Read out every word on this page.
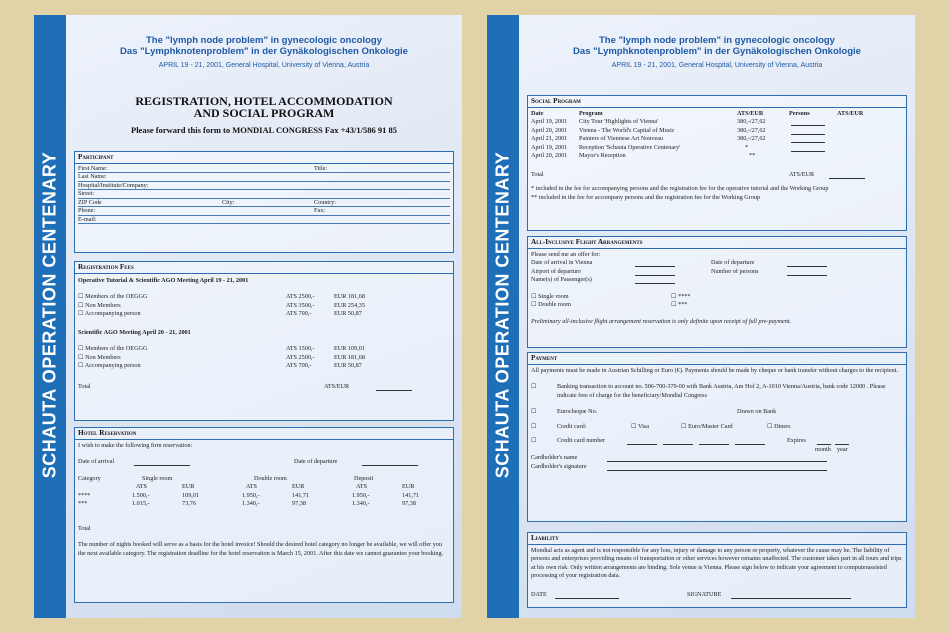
SCHAUTA OPERATION CENTENARY
The "lymph node problem" in gynecologic oncology
Das "Lymphknotenproblem" in der Gynäkologischen Onkologie
APRIL 19 - 21, 2001, General Hospital, University of Vienna, Austria
REGISTRATION, HOTEL ACCOMMODATION
AND SOCIAL PROGRAM
Please forward this form to MONDIAL CONGRESS Fax +43/1/586 91 85
Participant
First Name:	Title:
Last Name:
Hospital/Institute/Company:
Street:
ZIP Code	City:	Country:
Phone:	Fax:
E-mail:
Registration Fees
Operative Tutorial & Scientific AGO Meeting April 19 - 21, 2001
☐ Members of the OEGGG	ATS 2500,-	EUR 181,68
☐ Non Members	ATS 3500,-	EUR 254,35
☐ Accompanying person	ATS 700,-	EUR 50,87
Scientific AGO Meeting April 20 - 21, 2001
☐ Members of the OEGGG	ATS 1500,-	EUR 109,01
☐ Non Members	ATS 2500,-	EUR 181,68
☐ Accompanying person	ATS 700,-	EUR 50,87
Total	ATS/EUR
Hotel Reservation
I wish to make the following firm reservation:
Date of arrival	Date of departure
Category	Single room	Double room	Deposit
ATS	EUR	ATS	EUR	ATS	EUR
****	1.500,-	109,01	1.950,-	141,71	1.950,-	141,71
***	1.015,-	73,76	1.340,-	97,38	1.340,-	97,38
Total

The number of nights booked will serve as a basis for the hotel invoice! Should the desired hotel category no longer be available, we will offer you the next available category. The registration deadline for the hotel reservation is March 15, 2001. After this date we cannot guarantee your booking.

SCHAUTA OPERATION CENTENARY
The "lymph node problem" in gynecologic oncology
Das "Lymphknotenproblem" in der Gynäkologischen Onkologie
APRIL 19 - 21, 2001, General Hospital, University of Vienna, Austria
Social Program
Date	Program	ATS/EUR	Persons	ATS/EUR
April 19, 2001 City Tour 'Highlights of Vienna'	380,-/27,62
April 20, 2001 Vienna - The World's Capital of Music	380,-/27,62
April 21, 2001 Painters of Viennese Art Nouveau	380,-/27,62
April 19, 2001 Reception 'Schauta Operative Centenary'	*
April 20, 2001 Mayor's Reception	**
Total	ATS/EUR

* included in the fee for accompanying persons and the registration fee for the operative tutorial and the Working Group

** included in the fee for accompany persons and the registration fee for the Working Group

All-Inclusive Flight Arrangements
Please send me an offer for:
Date of arrival in Vienna	Date of departure
Airport of departure	Number of persons
Name(s) of Passenger(s)
☐ Single room	☐ ****
☐ Double room	☐ ***
Preliminary all-inclusive flight arrangement reservation is only definite upon receipt of full pre-payment.
Payment

All payments must be made in Austrian Schilling or Euro (€). Payments should be made by cheque or bank transfer without charges to the recipient.

☐	Banking transaction to account no. 506-700-379-00 with Bank Austria, Am Hof 2, A-1010 Vienna/Austria, bank code 12000 . Please indicate free of charge for the beneficiary/Mondial Congress

☐	Eurocheque No.	Drawn on Bank
☐	Credit card:	☐ Visa	☐ Euro/Master Card	☐ Diners
☐	Credit card number	Expires
month year
Cardholder's name
Cardholder's signature
Liability

Mondial acts as agent and is not responsible for any loss, injury or damage to any person or property, whatever the cause may be. The liability of persons and enterprises providing means of transportation or other services however remains unaffected. The customer takes part in all tours and trips at his own risk. Only written arrangements are binding. Sole venue is Vienna. Please sign below to indicate your agreement to computerassisted processing of your registration data.

DATE	SIGNATURE
